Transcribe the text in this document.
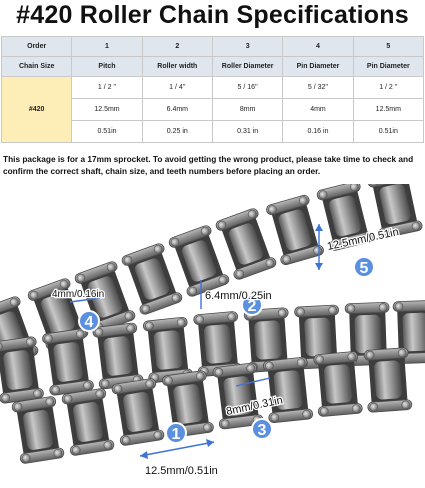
#420 Roller Chain Specifications
Order	1	2	3	4	5
Chain Size	Pitch	Roller width	Roller Diameter	Pin Diameter	Pin Diameter
#420	1 / 2 ''	1 / 4''	5 / 16''	5 / 32''	1 / 2 ''
	12.5mm	6.4mm	8mm	4mm	12.5mm
	0.51in	0.25 in	0.31 in	0.16 in	0.51in
This package is for a 17mm sprocket. To avoid getting the wrong product, please take time to check and confirm the correct shaft, chain size, and teeth numbers before placing an order.
1
12.5mm/0.51in
2
6.4mm/0.25in
3
8mm/0.31in
4
4mm/0.16in
5
12.5mm/0.51in
